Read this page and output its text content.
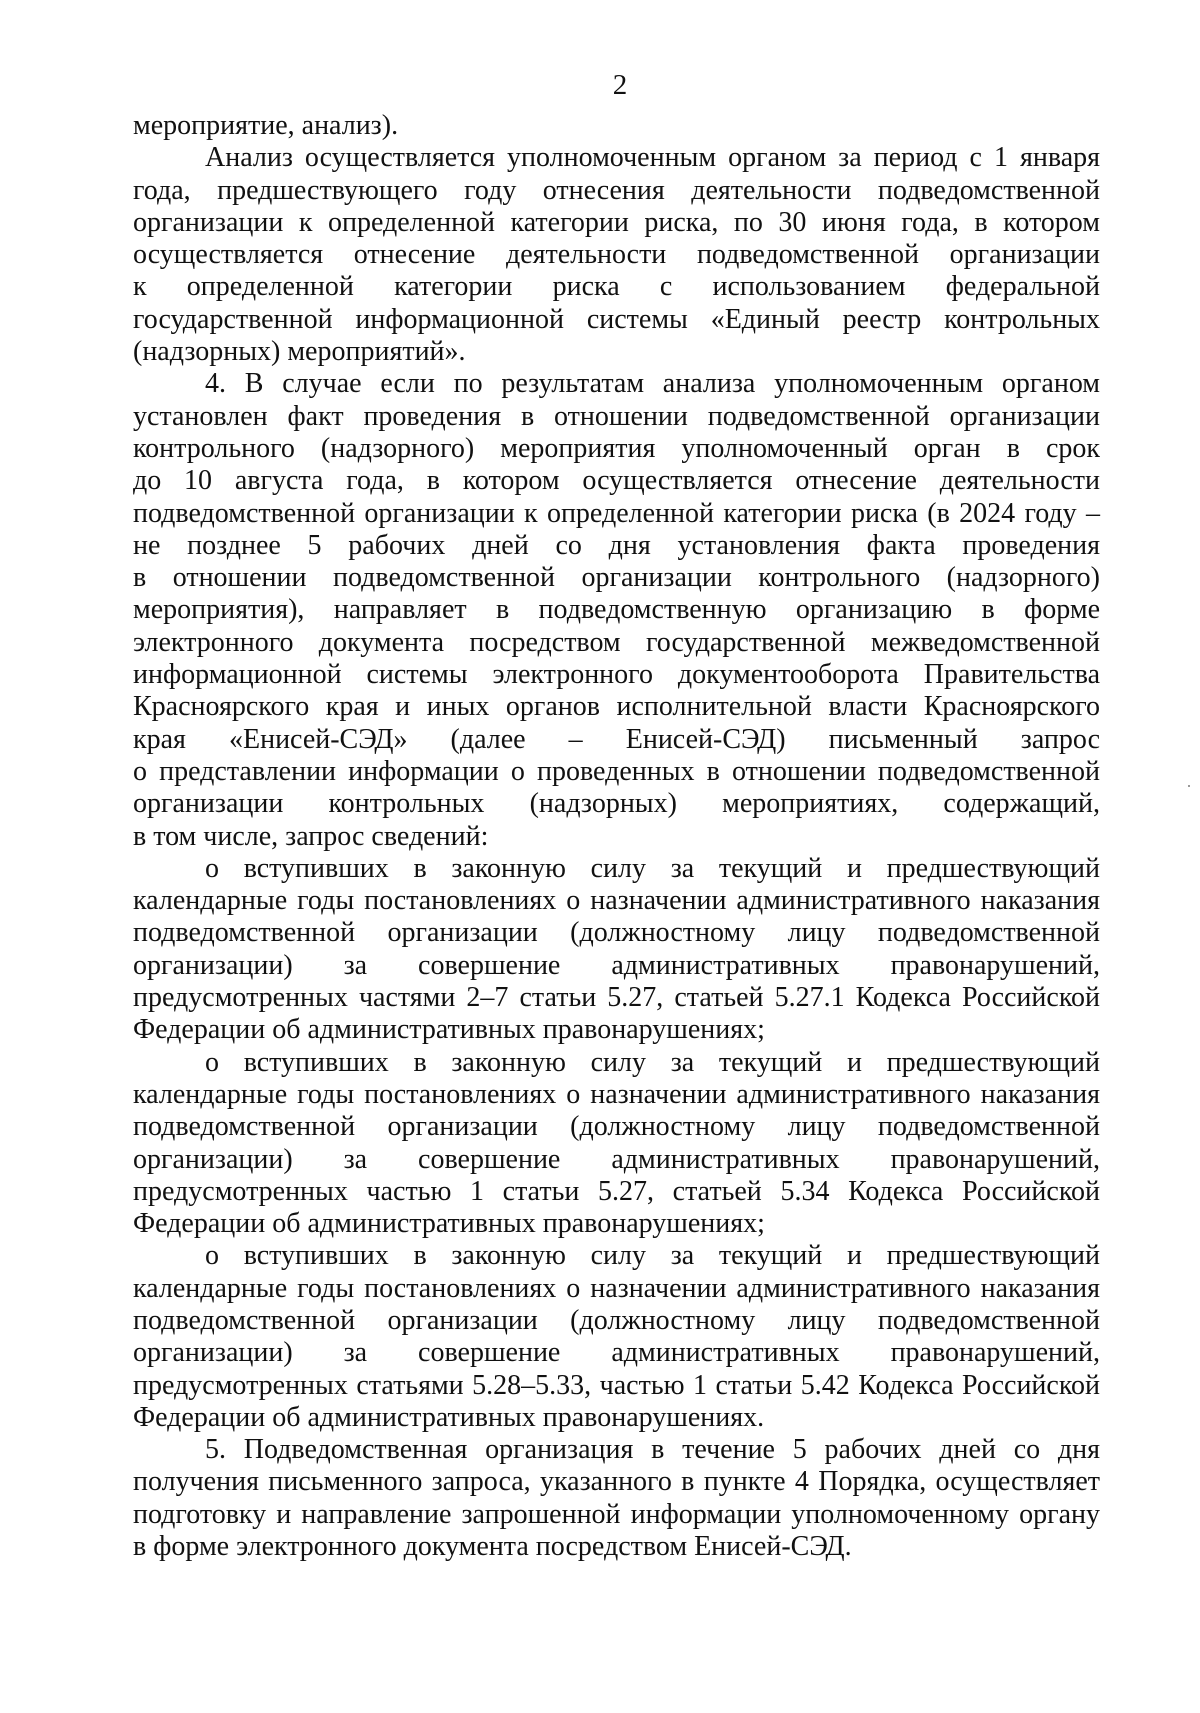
2
мероприятие, анализ).
Анализ осуществляется уполномоченным органом за период с 1 января
года, предшествующего году отнесения деятельности подведомственной
организации к определенной категории риска, по 30 июня года, в котором
осуществляется отнесение деятельности подведомственной организации
к определенной категории риска с использованием федеральной
государственной информационной системы «Единый реестр контрольных
(надзорных) мероприятий».
4. В случае если по результатам анализа уполномоченным органом
установлен факт проведения в отношении подведомственной организации
контрольного (надзорного) мероприятия уполномоченный орган в срок
до 10 августа года, в котором осуществляется отнесение деятельности
подведомственной организации к определенной категории риска (в 2024 году –
не позднее 5 рабочих дней со дня установления факта проведения
в отношении подведомственной организации контрольного (надзорного)
мероприятия), направляет в подведомственную организацию в форме
электронного документа посредством государственной межведомственной
информационной системы электронного документооборота Правительства
Красноярского края и иных органов исполнительной власти Красноярского
края «Енисей-СЭД» (далее – Енисей-СЭД) письменный запрос
о представлении информации о проведенных в отношении подведомственной
организации контрольных (надзорных) мероприятиях, содержащий,
в том числе, запрос сведений:
о вступивших в законную силу за текущий и предшествующий
календарные годы постановлениях о назначении административного наказания
подведомственной организации (должностному лицу подведомственной
организации) за совершение административных правонарушений,
предусмотренных частями 2–7 статьи 5.27, статьей 5.27.1 Кодекса Российской
Федерации об административных правонарушениях;
о вступивших в законную силу за текущий и предшествующий
календарные годы постановлениях о назначении административного наказания
подведомственной организации (должностному лицу подведомственной
организации) за совершение административных правонарушений,
предусмотренных частью 1 статьи 5.27, статьей 5.34 Кодекса Российской
Федерации об административных правонарушениях;
о вступивших в законную силу за текущий и предшествующий
календарные годы постановлениях о назначении административного наказания
подведомственной организации (должностному лицу подведомственной
организации) за совершение административных правонарушений,
предусмотренных статьями 5.28–5.33, частью 1 статьи 5.42 Кодекса Российской
Федерации об административных правонарушениях.
5. Подведомственная организация в течение 5 рабочих дней со дня
получения письменного запроса, указанного в пункте 4 Порядка, осуществляет
подготовку и направление запрошенной информации уполномоченному органу
в форме электронного документа посредством Енисей-СЭД.
